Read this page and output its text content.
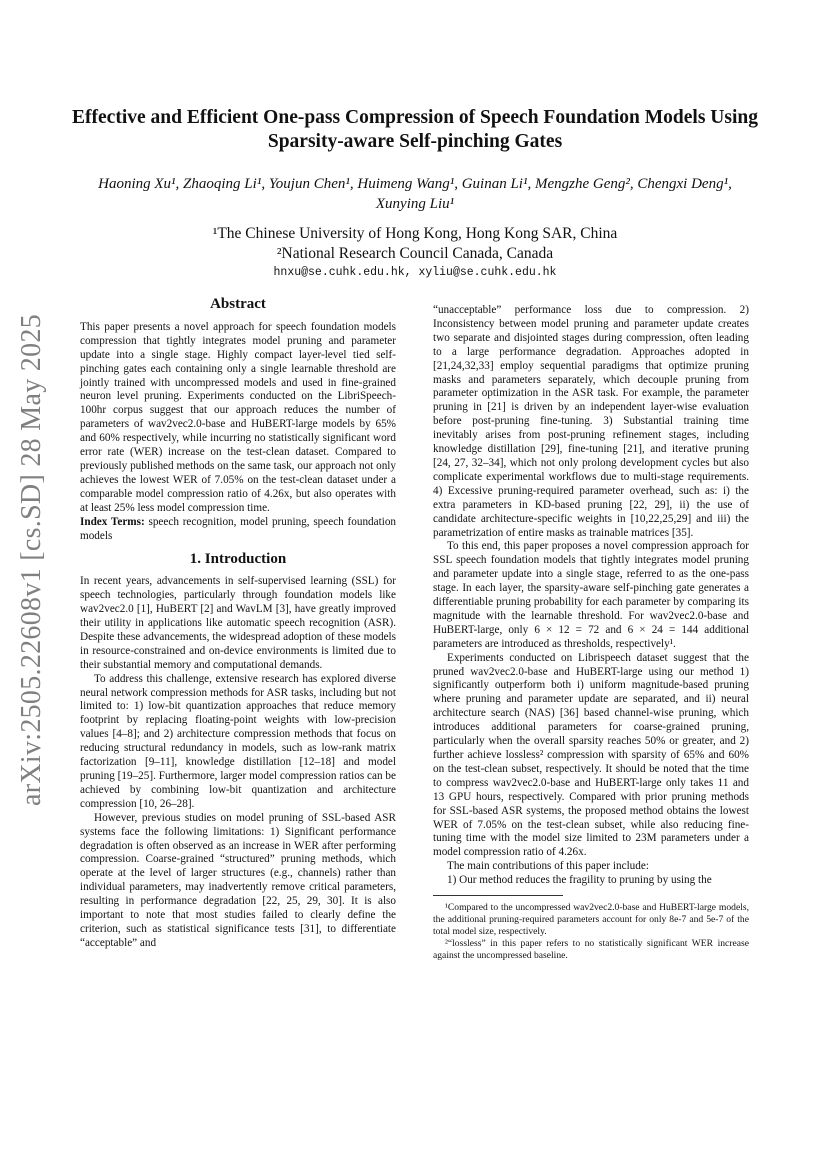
arXiv:2505.22608v1 [cs.SD] 28 May 2025
Effective and Efficient One-pass Compression of Speech Foundation Models Using Sparsity-aware Self-pinching Gates
Haoning Xu¹, Zhaoqing Li¹, Youjun Chen¹, Huimeng Wang¹, Guinan Li¹, Mengzhe Geng², Chengxi Deng¹, Xunying Liu¹
¹The Chinese University of Hong Kong, Hong Kong SAR, China
²National Research Council Canada, Canada
hnxu@se.cuhk.edu.hk, xyliu@se.cuhk.edu.hk
Abstract

This paper presents a novel approach for speech foundation models compression that tightly integrates model pruning and parameter update into a single stage. Highly compact layer-level tied self-pinching gates each containing only a single learnable threshold are jointly trained with uncompressed models and used in fine-grained neuron level pruning. Experiments conducted on the LibriSpeech-100hr corpus suggest that our approach reduces the number of parameters of wav2vec2.0-base and HuBERT-large models by 65% and 60% respectively, while incurring no statistically significant word error rate (WER) increase on the test-clean dataset. Compared to previously published methods on the same task, our approach not only achieves the lowest WER of 7.05% on the test-clean dataset under a comparable model compression ratio of 4.26x, but also operates with at least 25% less model compression time.

Index Terms: speech recognition, model pruning, speech foundation models

1. Introduction

In recent years, advancements in self-supervised learning (SSL) for speech technologies, particularly through foundation models like wav2vec2.0 [1], HuBERT [2] and WavLM [3], have greatly improved their utility in applications like automatic speech recognition (ASR). Despite these advancements, the widespread adoption of these models in resource-constrained and on-device environments is limited due to their substantial memory and computational demands.

To address this challenge, extensive research has explored diverse neural network compression methods for ASR tasks, including but not limited to: 1) low-bit quantization approaches that reduce memory footprint by replacing floating-point weights with low-precision values [4–8]; and 2) architecture compression methods that focus on reducing structural redundancy in models, such as low-rank matrix factorization [9–11], knowledge distillation [12–18] and model pruning [19–25]. Furthermore, larger model compression ratios can be achieved by combining low-bit quantization and architecture compression [10, 26–28].

However, previous studies on model pruning of SSL-based ASR systems face the following limitations: 1) Significant performance degradation is often observed as an increase in WER after performing compression. Coarse-grained “structured” pruning methods, which operate at the level of larger structures (e.g., channels) rather than individual parameters, may inadvertently remove critical parameters, resulting in performance degradation [22, 25, 29, 30]. It is also important to note that most studies failed to clearly define the criterion, such as statistical significance tests [31], to differentiate “acceptable” and

“unacceptable” performance loss due to compression. 2) Inconsistency between model pruning and parameter update creates two separate and disjointed stages during compression, often leading to a large performance degradation. Approaches adopted in [21,24,32,33] employ sequential paradigms that optimize pruning masks and parameters separately, which decouple pruning from parameter optimization in the ASR task. For example, the parameter pruning in [21] is driven by an independent layer-wise evaluation before post-pruning fine-tuning. 3) Substantial training time inevitably arises from post-pruning refinement stages, including knowledge distillation [29], fine-tuning [21], and iterative pruning [24, 27, 32–34], which not only prolong development cycles but also complicate experimental workflows due to multi-stage requirements. 4) Excessive pruning-required parameter overhead, such as: i) the extra parameters in KD-based pruning [22, 29], ii) the use of candidate architecture-specific weights in [10,22,25,29] and iii) the parametrization of entire masks as trainable matrices [35].

To this end, this paper proposes a novel compression approach for SSL speech foundation models that tightly integrates model pruning and parameter update into a single stage, referred to as the one-pass stage. In each layer, the sparsity-aware self-pinching gate generates a differentiable pruning probability for each parameter by comparing its magnitude with the learnable threshold. For wav2vec2.0-base and HuBERT-large, only 6 × 12 = 72 and 6 × 24 = 144 additional parameters are introduced as thresholds, respectively¹.

Experiments conducted on Librispeech dataset suggest that the pruned wav2vec2.0-base and HuBERT-large using our method 1) significantly outperform both i) uniform magnitude-based pruning where pruning and parameter update are separated, and ii) neural architecture search (NAS) [36] based channel-wise pruning, which introduces additional parameters for coarse-grained pruning, particularly when the overall sparsity reaches 50% or greater, and 2) further achieve lossless² compression with sparsity of 65% and 60% on the test-clean subset, respectively. It should be noted that the time to compress wav2vec2.0-base and HuBERT-large only takes 11 and 13 GPU hours, respectively. Compared with prior pruning methods for SSL-based ASR systems, the proposed method obtains the lowest WER of 7.05% on the test-clean subset, while also reducing fine-tuning time with the model size limited to 23M parameters under a model compression ratio of 4.26x.

The main contributions of this paper include:

1) Our method reduces the fragility to pruning by using the

¹Compared to the uncompressed wav2vec2.0-base and HuBERT-large models, the additional pruning-required parameters account for only 8e-7 and 5e-7 of the total model size, respectively.

²“lossless” in this paper refers to no statistically significant WER increase against the uncompressed baseline.
